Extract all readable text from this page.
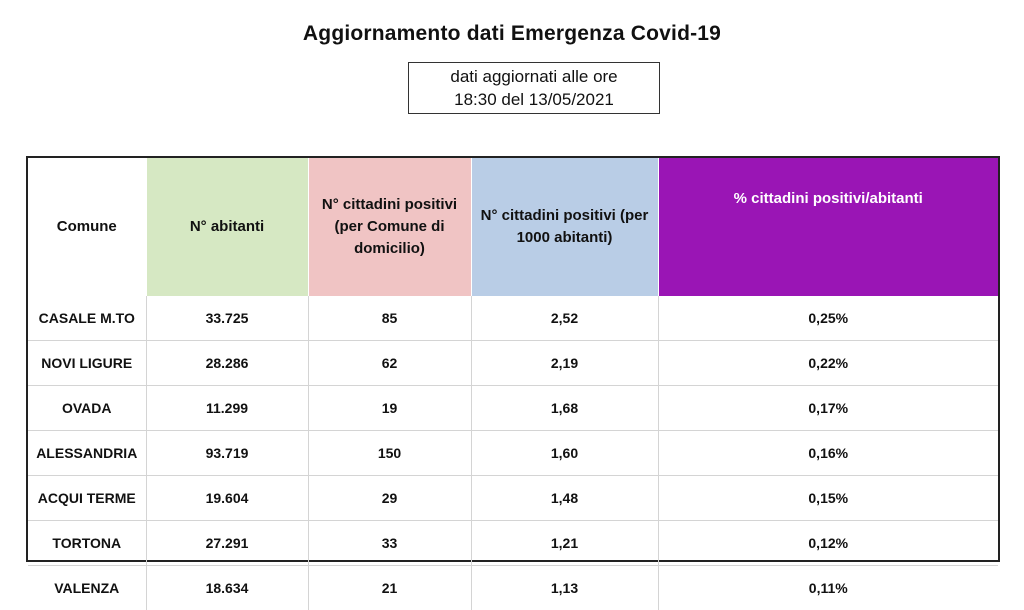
Aggiornamento dati Emergenza Covid-19
dati aggiornati alle ore
18:30 del 13/05/2021
Comune	N° abitanti	N° cittadini positivi (per Comune di domicilio)	N° cittadini positivi (per 1000 abitanti)	% cittadini positivi/abitanti
CASALE M.TO	33.725	85	2,52	0,25%
NOVI LIGURE	28.286	62	2,19	0,22%
OVADA	11.299	19	1,68	0,17%
ALESSANDRIA	93.719	150	1,60	0,16%
ACQUI TERME	19.604	29	1,48	0,15%
TORTONA	27.291	33	1,21	0,12%
VALENZA	18.634	21	1,13	0,11%
